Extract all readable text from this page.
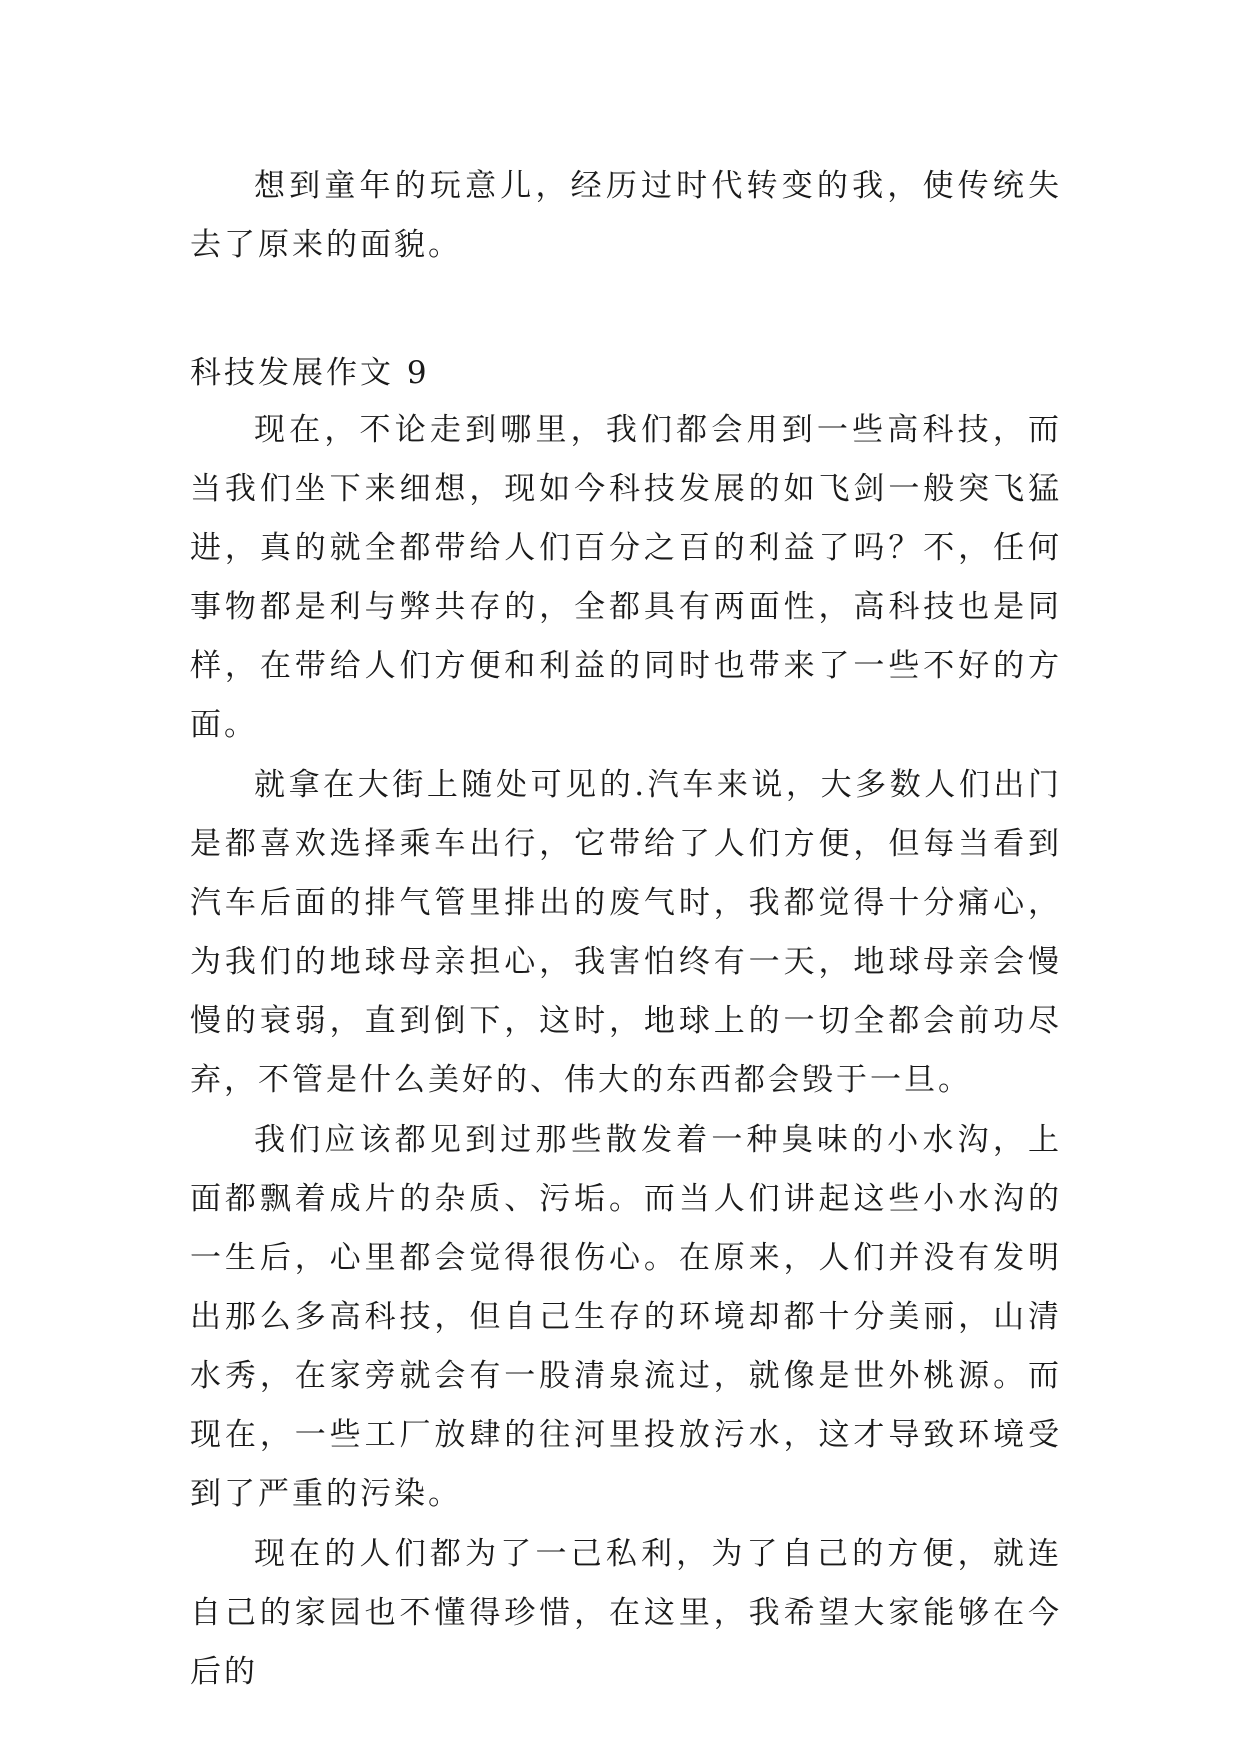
想到童年的玩意儿，经历过时代转变的我，使传统失去了原来的面貌。

科技发展作文 9

现在，不论走到哪里，我们都会用到一些高科技，而当我们坐下来细想，现如今科技发展的如飞剑一般突飞猛进，真的就全都带给人们百分之百的利益了吗？不，任何事物都是利与弊共存的，全都具有两面性，高科技也是同样，在带给人们方便和利益的同时也带来了一些不好的方面。

就拿在大街上随处可见的.汽车来说，大多数人们出门是都喜欢选择乘车出行，它带给了人们方便，但每当看到汽车后面的排气管里排出的废气时，我都觉得十分痛心，为我们的地球母亲担心，我害怕终有一天，地球母亲会慢慢的衰弱，直到倒下，这时，地球上的一切全都会前功尽弃，不管是什么美好的、伟大的东西都会毁于一旦。

我们应该都见到过那些散发着一种臭味的小水沟，上面都飘着成片的杂质、污垢。而当人们讲起这些小水沟的一生后，心里都会觉得很伤心。在原来，人们并没有发明出那么多高科技，但自己生存的环境却都十分美丽，山清水秀，在家旁就会有一股清泉流过，就像是世外桃源。而现在，一些工厂放肆的往河里投放污水，这才导致环境受到了严重的污染。

现在的人们都为了一己私利，为了自己的方便，就连自己的家园也不懂得珍惜，在这里，我希望大家能够在今后的
